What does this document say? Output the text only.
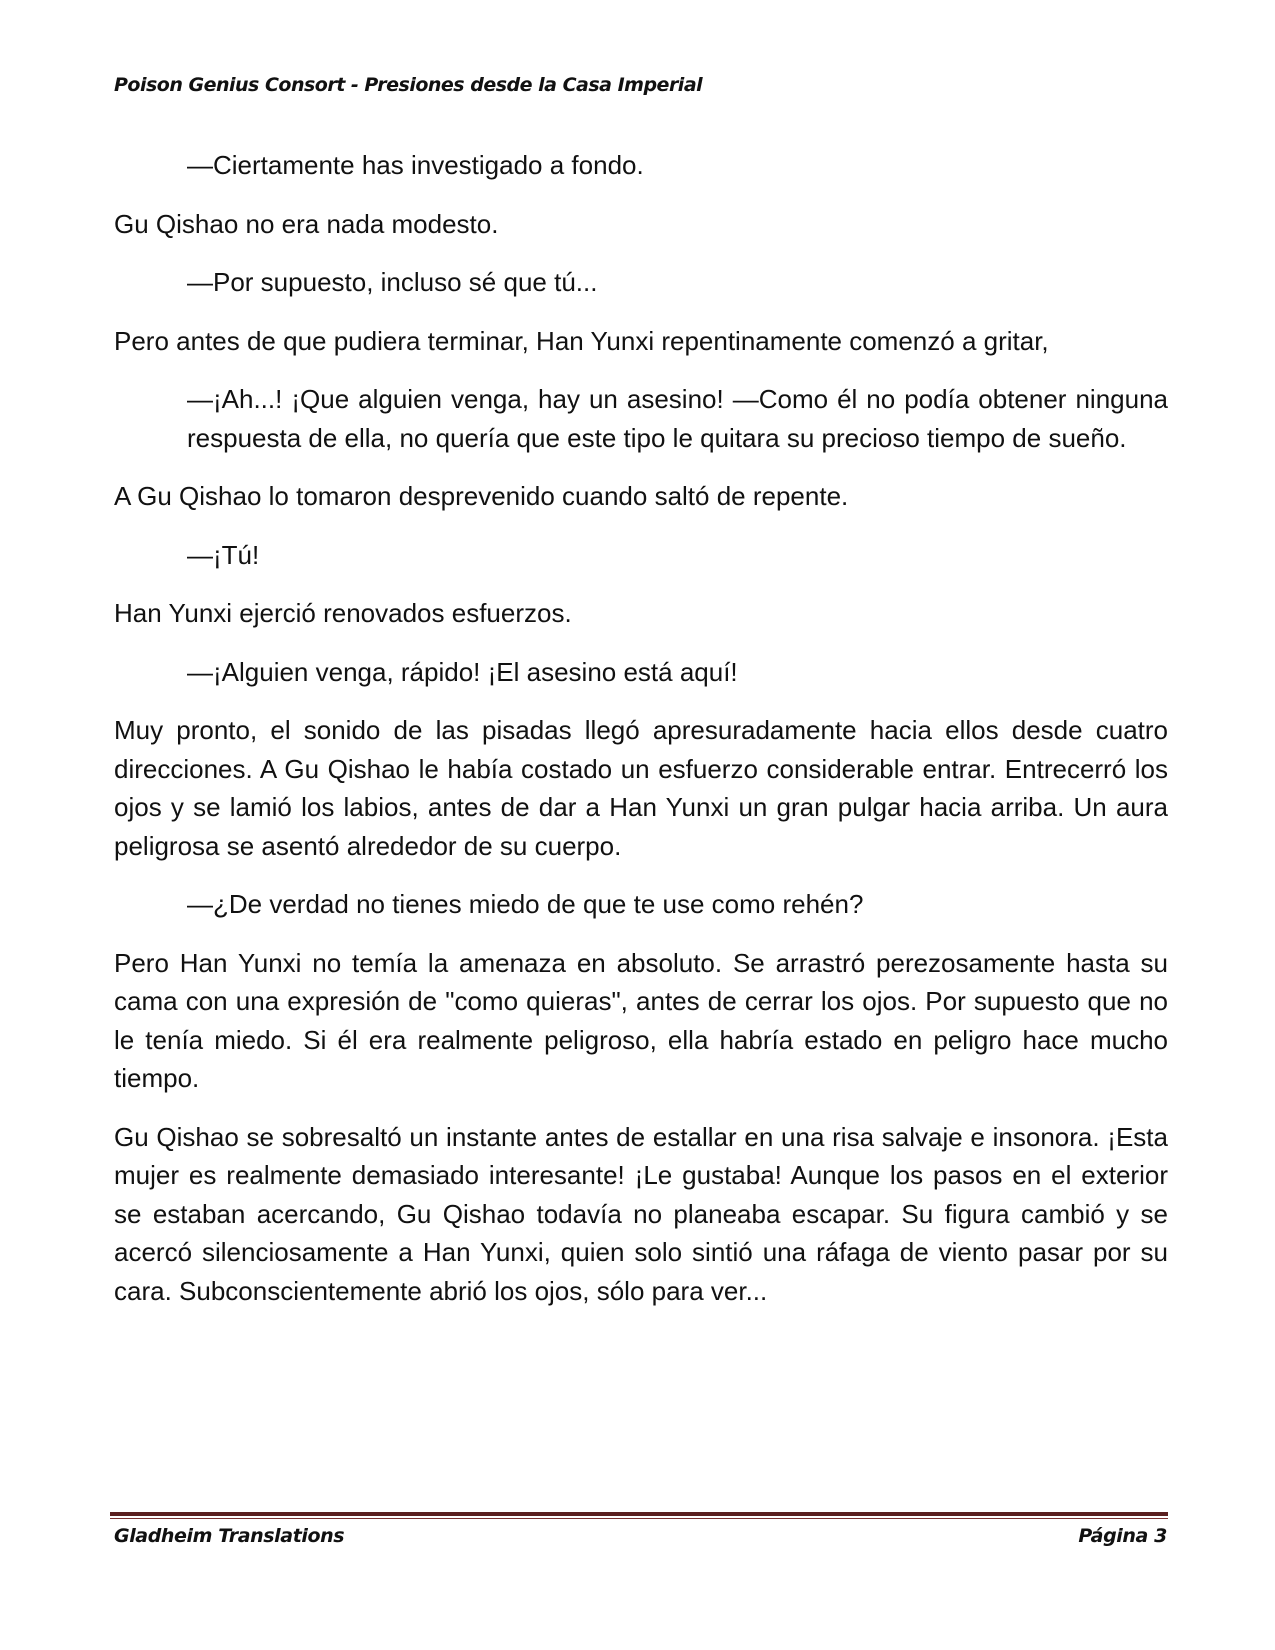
Poison Genius Consort - Presiones desde la Casa Imperial

—Ciertamente has investigado a fondo.

Gu Qishao no era nada modesto.

—Por supuesto, incluso sé que tú...

Pero antes de que pudiera terminar, Han Yunxi repentinamente comenzó a gritar,

—¡Ah...! ¡Que alguien venga, hay un asesino! —Como él no podía obtener ninguna respuesta de ella, no quería que este tipo le quitara su precioso tiempo de sueño.

A Gu Qishao lo tomaron desprevenido cuando saltó de repente.

—¡Tú!

Han Yunxi ejerció renovados esfuerzos.

—¡Alguien venga, rápido! ¡El asesino está aquí!

Muy pronto, el sonido de las pisadas llegó apresuradamente hacia ellos desde cuatro direcciones. A Gu Qishao le había costado un esfuerzo considerable entrar. Entrecerró los ojos y se lamió los labios, antes de dar a Han Yunxi un gran pulgar hacia arriba. Un aura peligrosa se asentó alrededor de su cuerpo.

—¿De verdad no tienes miedo de que te use como rehén?

Pero Han Yunxi no temía la amenaza en absoluto. Se arrastró perezosamente hasta su cama con una expresión de "como quieras", antes de cerrar los ojos. Por supuesto que no le tenía miedo. Si él era realmente peligroso, ella habría estado en peligro hace mucho tiempo.

Gu Qishao se sobresaltó un instante antes de estallar en una risa salvaje e insonora. ¡Esta mujer es realmente demasiado interesante! ¡Le gustaba! Aunque los pasos en el exterior se estaban acercando, Gu Qishao todavía no planeaba escapar. Su figura cambió y se acercó silenciosamente a Han Yunxi, quien solo sintió una ráfaga de viento pasar por su cara. Subconscientemente abrió los ojos, sólo para ver...

Gladheim Translations	Página 3
